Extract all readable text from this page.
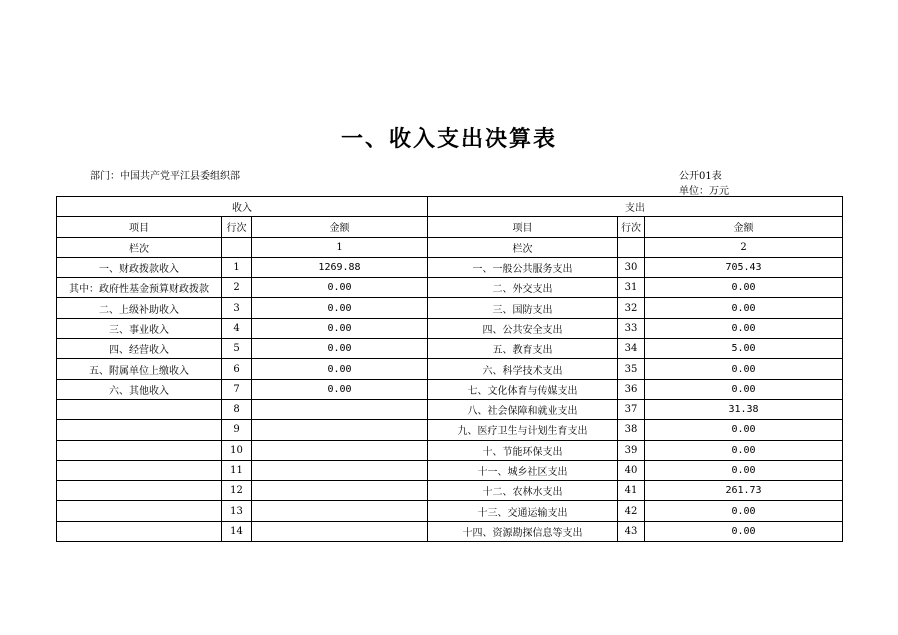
一、收入支出决算表
部门：中国共产党平江县委组织部	公开01表
单位：万元
收入			支出		
项目	行次	金额	项目	行次	金额
栏次		1	栏次		2
一、财政拨款收入	1	1269.88	一、一般公共服务支出	30	705.43
其中：政府性基金预算财政拨款	2	0.00	二、外交支出	31	0.00
二、上级补助收入	3	0.00	三、国防支出	32	0.00
三、事业收入	4	0.00	四、公共安全支出	33	0.00
四、经营收入	5	0.00	五、教育支出	34	5.00
五、附属单位上缴收入	6	0.00	六、科学技术支出	35	0.00
六、其他收入	7	0.00	七、文化体育与传媒支出	36	0.00
	8		八、社会保障和就业支出	37	31.38
	9		九、医疗卫生与计划生育支出	38	0.00
	10		十、节能环保支出	39	0.00
	11		十一、城乡社区支出	40	0.00
	12		十二、农林水支出	41	261.73
	13		十三、交通运输支出	42	0.00
	14		十四、资源勘探信息等支出	43	0.00
